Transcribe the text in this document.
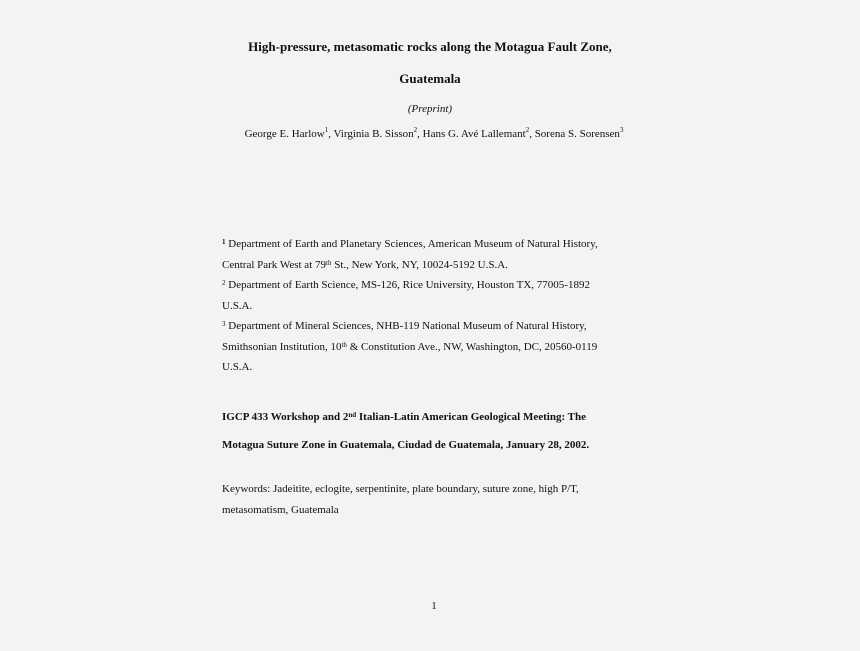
High-pressure, metasomatic rocks along the Motagua Fault Zone,
Guatemala
(Preprint)
George E. Harlow$^1$, Virginia B. Sisson$^2$, Hans G. Avé Lallemant$^2$, Sorena S. Sorensen$^3$
$^1$ Department of Earth and Planetary Sciences, American Museum of Natural History,
Central Park West at 79th St., New York, NY, 10024-5192 U.S.A.
$^2$ Department of Earth Science, MS-126, Rice University, Houston TX, 77005-1892
U.S.A.
$^3$ Department of Mineral Sciences, NHB-119 National Museum of Natural History,
Smithsonian Institution, 10th & Constitution Ave., NW, Washington, DC, 20560-0119
U.S.A.
IGCP 433 Workshop and 2nd Italian-Latin American Geological Meeting: The
Motagua Suture Zone in Guatemala, Ciudad de Guatemala, January 28, 2002.
Keywords: Jadeitite, eclogite, serpentinite, plate boundary, suture zone, high P/T,
metasomatism, Guatemala
1
